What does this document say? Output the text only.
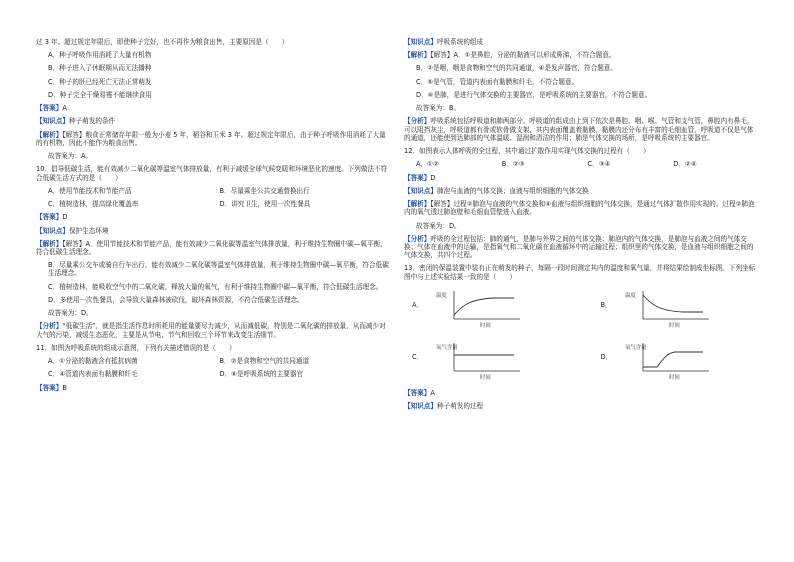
过 3 年。超过规定年限后，即使种子完好，也不再作为粮食出售，主要原因是（　　）

A．种子呼吸作用消耗了大量有机物

B．种子进入了休眠期从而无法播种

C．种子的胚已经死亡无法正常萌发

D．种子完全干燥易霉不能继续食用

【答案】A

【知识点】种子萌发的条件

【解析】【解答】粮食正常储存年限一般为小麦 5 年，稻谷和玉米 3 年。超过规定年限后，由于种子呼吸作用消耗了大量的有机物，因此不能作为粮食出售。

故答案为：A。

10．倡导低碳生活，能有效减少二氧化碳等温室气体排放量，有利于减缓全球气候变暖和环境恶化的速度。下列做法不符合低碳生活方式的是（　　）

A．使用节能技术和节能产品	B．尽量乘坐公共交通替换出行
C．植树造林，提高绿化覆盖率	D．讲究卫生，使用一次性餐具

【答案】D

【知识点】保护生态环境

【解析】【解答】A．使用节能技术和节能产品，能有效减少二氧化碳等温室气体排放量，利于维持生物圈中碳—氧平衡，符合低碳生活理念。

B．尽量乘公交车或骑自行车出行，能有效减少二氧化碳等温室气体排放量，利于维持生物圈中碳—氧平衡，符合低碳生活理念。

C．植树造林，能吸收空气中的二氧化碳，释放大量的氧气，有利于维持生物圈中碳—氧平衡，符合低碳生活理念。

D．多使用一次性餐具，会导致大量森林被砍伐，破坏森林资源，不符合低碳生活理念。

故答案为：D。

【分析】“低碳生活”，就是指生活作息时所耗用的能量要尽力减少，从而减低碳，特别是二氧化碳的排放量，从而减少对大气的污染，减缓生态恶化，主要是从节电、节气和回收三个环节来改变生活细节。

11．如图为呼吸系统的组成示意图，下列有关描述错误的是（　　）

A．①分泌的黏液含有抵抗病菌	B．②是食物和空气的共同通道
C．④管道内表面有黏膜和纤毛	D．⑥是呼吸系统的主要器官

【答案】B

【知识点】呼吸系统的组成

【解析】【解答】A．①是鼻腔，分泌的黏液可以形成鼻涕，不符合题意。

B．②是咽，咽是食物和空气的共同通道，④是发声器官，符合题意。

C．⑤是气管，管道内表面有黏膜和纤毛，不符合题意。

D．⑥是肺，是进行气体交换的主要器官，是呼吸系统的主要器官，不符合题意。

故答案为：B。

【分析】呼吸系统包括呼吸道和肺两部分。呼吸道的组成由上到下依次是鼻腔、咽、喉、气管和支气管，鼻腔内有鼻毛，可以阻挡灰尘，呼吸道都有骨或软骨做支架，其内表面覆盖着黏膜，黏膜内还分布有丰富的毛细血管，呼吸道不仅是气体的通道，还能使到达肺部的气体温暖、湿润和清洁的作用；肺是气体交换的场所，是呼吸系统的主要器官。

12．如图表示人体呼吸的全过程，其中通过扩散作用实现气体交换的过程有（　　）

A．①②	B．②③	C．③④	D．②④

【答案】D

【知识点】肺泡与血液的气体交换；血液与组织细胞的气体交换

【解析】【解答】过程②肺泡与血液的气体交换和④血液与组织细胞的气体交换，是通过气体扩散作用实现的。过程②肺泡内的氧气透过肺泡壁和毛细血管壁进入血液。

故答案为：D。

【分析】呼吸的全过程包括：肺的通气，是肺与外界之间的气体交换；肺泡内的气体交换，是肺泡与血液之间的气体交换；气体在血液中的运输，是指氧气和二氧化碳在血液循环中的运输过程；组织里的气体交换，是血液与组织细胞之间的气体交换，共四个过程。

13．密闭的保温装置中装有正在萌发的种子，每隔一段时间测定其内的温度和氧气量，并将结果绘制成坐标图。下列坐标图中与上述实验结果一致的是（　　）

A．
温度
时间
B．
温度
时间
C．
氧气含量
时间
D．
氧气含量
时间

【答案】A

【知识点】种子萌发的过程
